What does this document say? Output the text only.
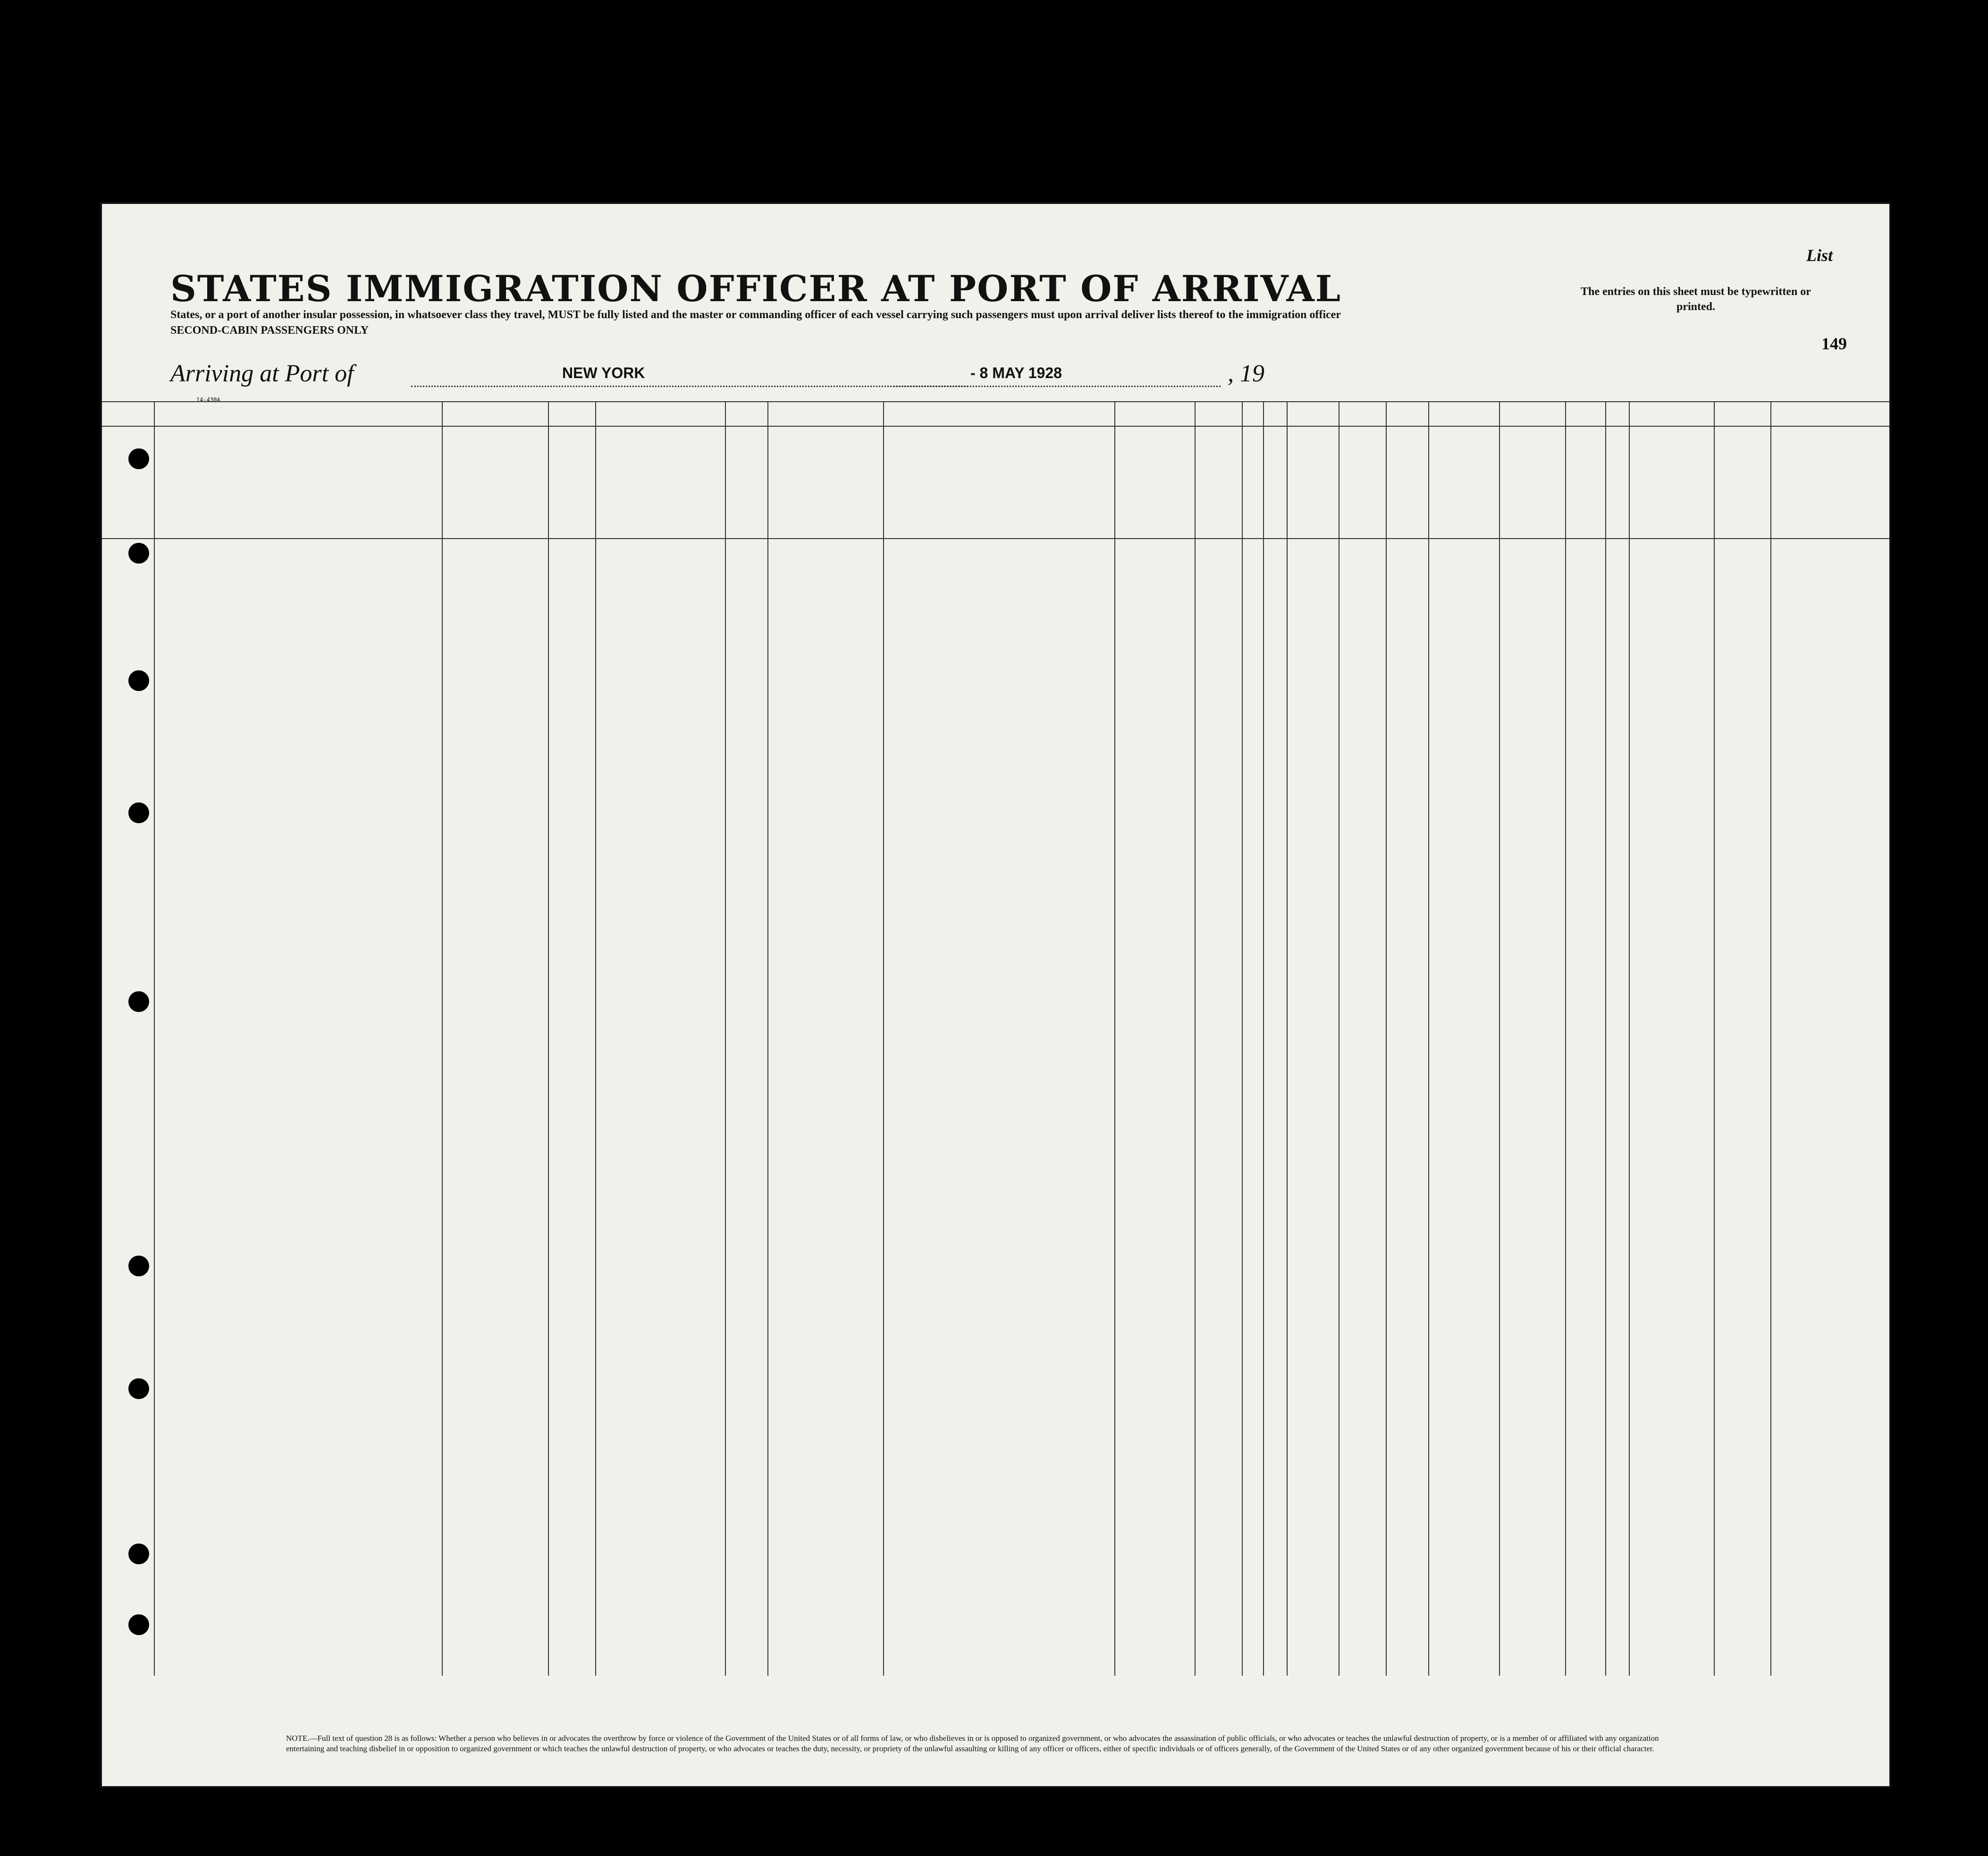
STATES IMMIGRATION OFFICER AT PORT OF ARRIVAL
States, or a port of another insular possession, in whatsoever class they travel, MUST be fully listed and the master or commanding officer of each vessel carrying such passengers must upon arrival deliver lists thereof to the immigration officer
SECOND-CABIN PASSENGERS ONLY
List
The entries on this sheet must be typewritten or printed.
149
Arriving at Port of	NEW YORK	- 8 MAY 1928	, 19
14-430A
NOTE.—Full text of question 28 is as follows: Whether a person who believes in or advocates the overthrow by force or violence of the Government of the United States or of all forms of law, or who disbelieves in or is opposed to organized government, or who advocates the assassination of public officials, or who advocates or teaches the unlawful destruction of property, or is a member of or affiliated with any organization entertaining and teaching disbelief in or opposition to organized government or which teaches the unlawful destruction of property, or who advocates or teaches the duty, necessity, or propriety of the unlawful assaulting or killing of any officer or officers, either of specific individuals or of officers generally, of the Government of the United States or of any other organized government because of his or their official character.
